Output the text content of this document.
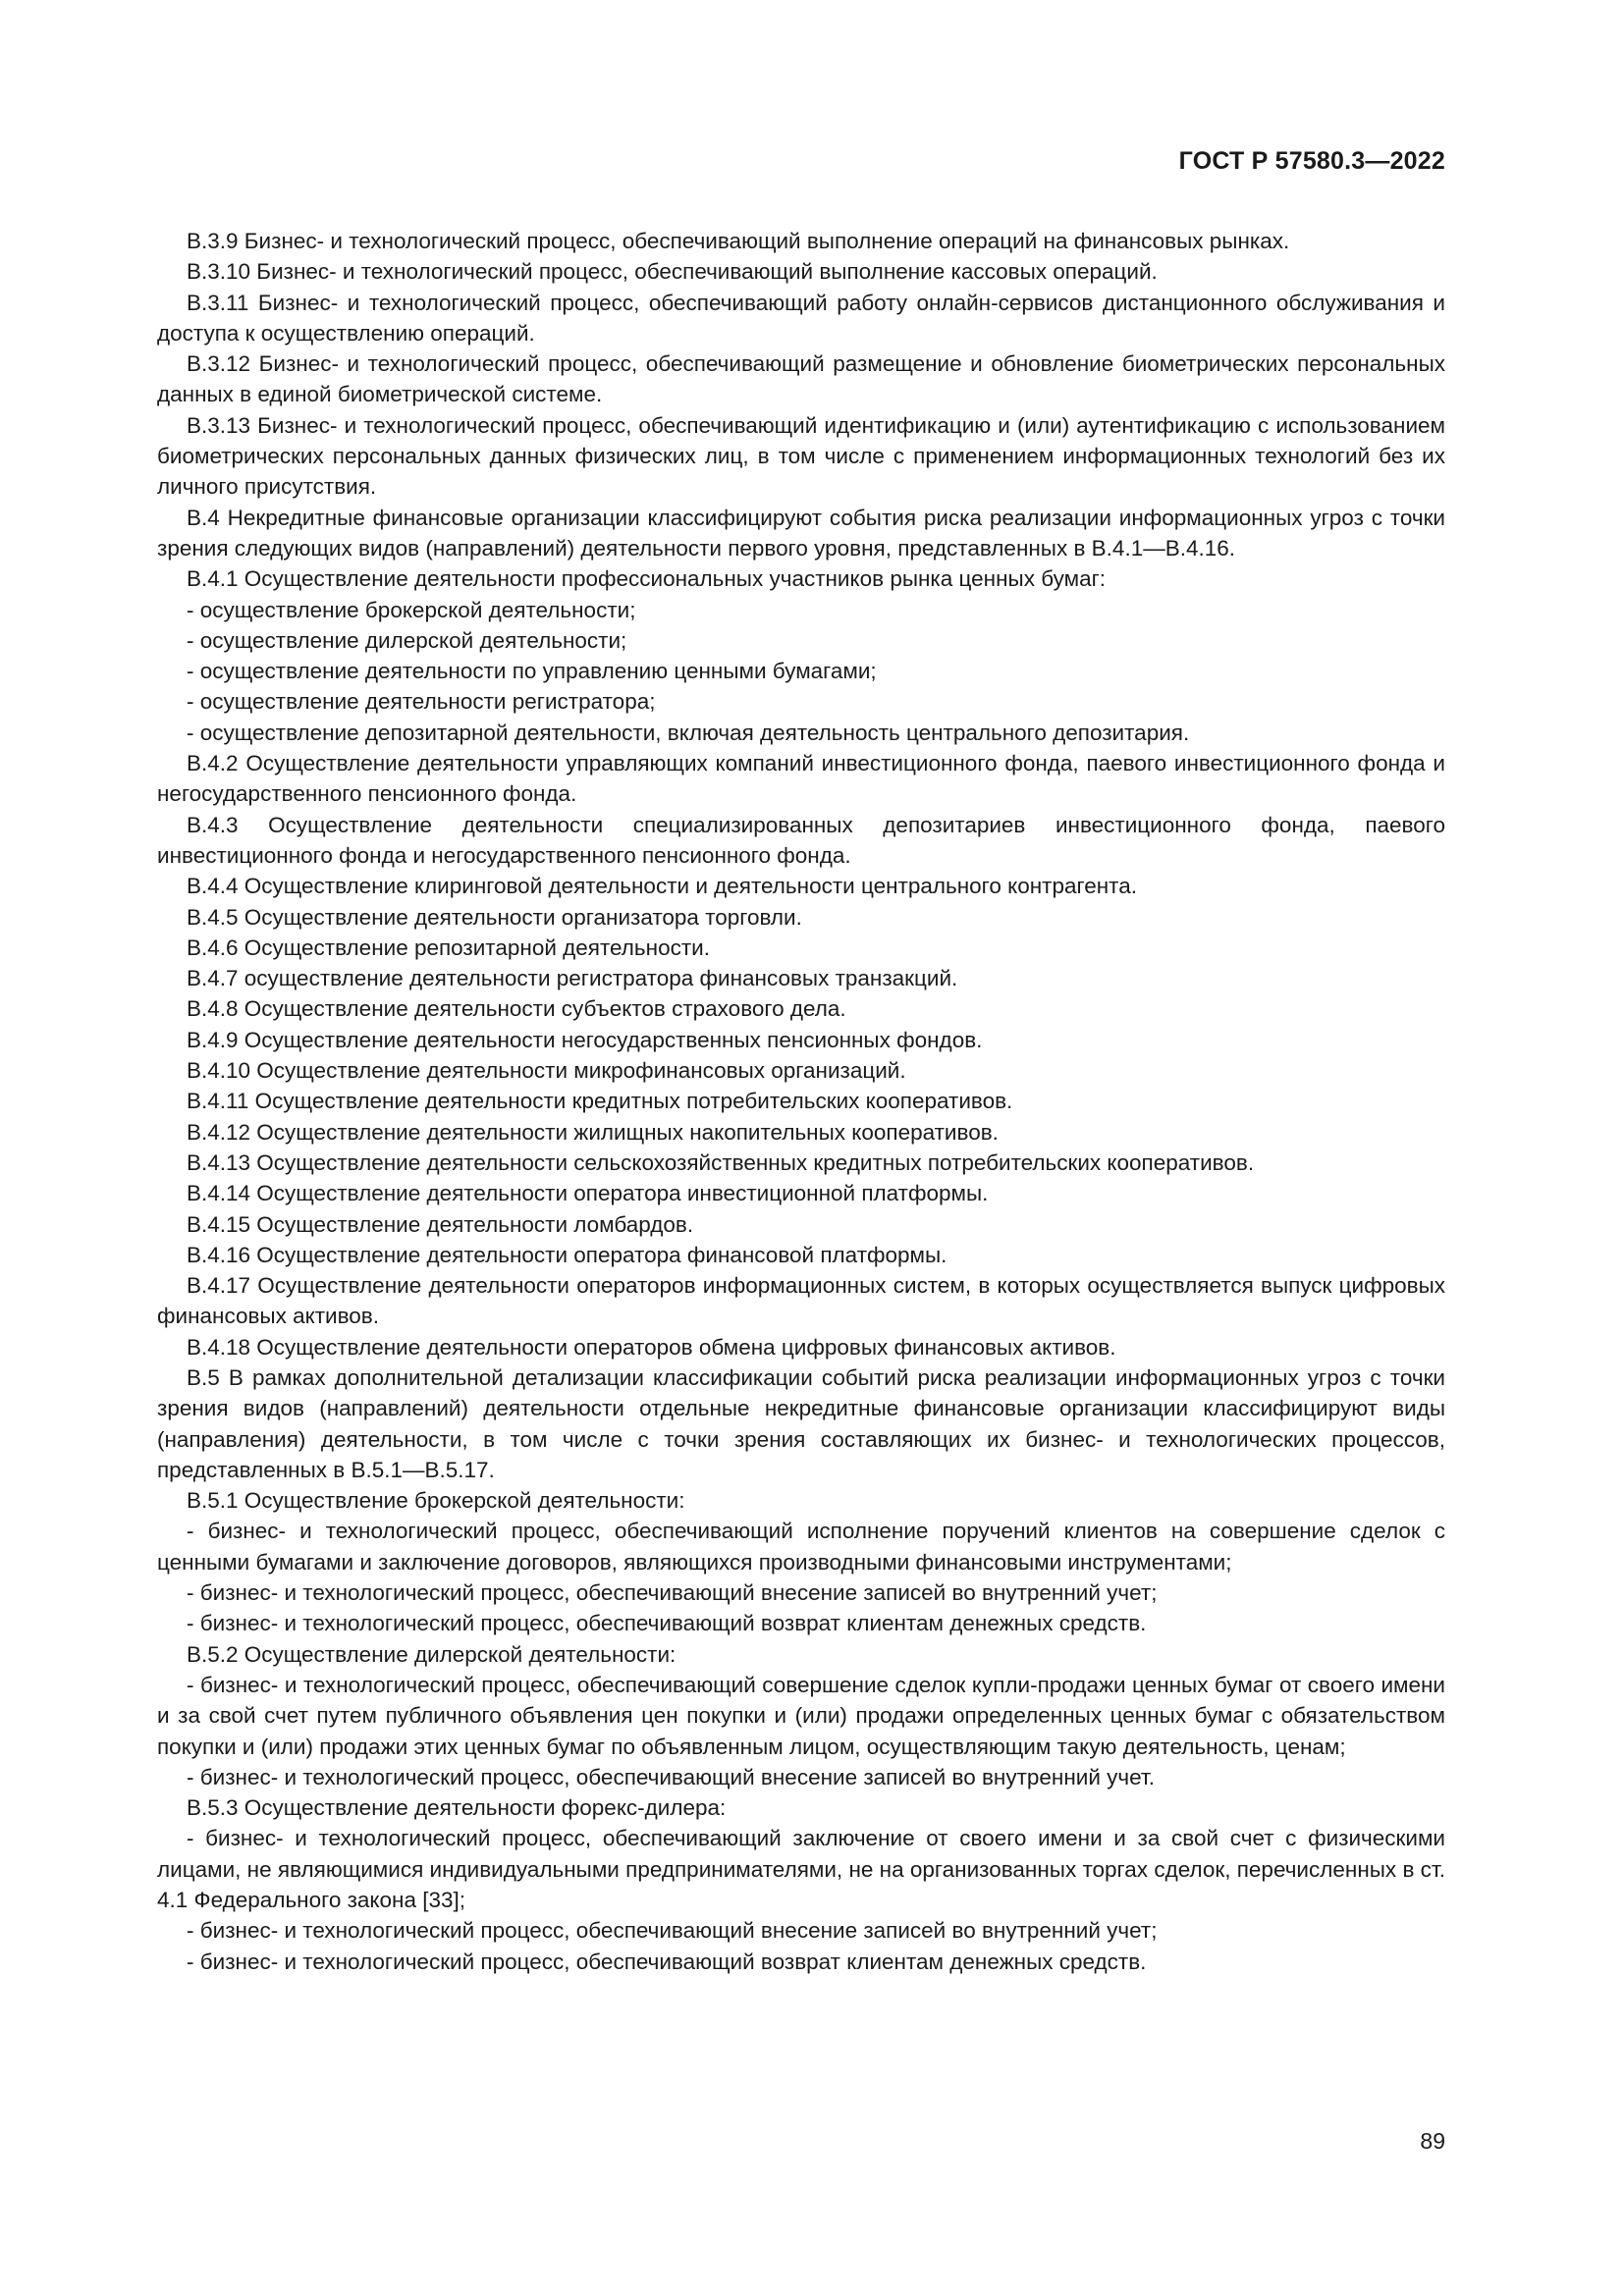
ГОСТ Р 57580.3—2022

В.3.9 Бизнес- и технологический процесс, обеспечивающий выполнение операций на финансовых рынках.

В.3.10 Бизнес- и технологический процесс, обеспечивающий выполнение кассовых операций.

В.3.11 Бизнес- и технологический процесс, обеспечивающий работу онлайн-сервисов дистанционного обслуживания и доступа к осуществлению операций.

В.3.12 Бизнес- и технологический процесс, обеспечивающий размещение и обновление биометрических персональных данных в единой биометрической системе.

В.3.13 Бизнес- и технологический процесс, обеспечивающий идентификацию и (или) аутентификацию с использованием биометрических персональных данных физических лиц, в том числе с применением информационных технологий без их личного присутствия.

В.4 Некредитные финансовые организации классифицируют события риска реализации информационных угроз с точки зрения следующих видов (направлений) деятельности первого уровня, представленных в В.4.1—В.4.16.

В.4.1 Осуществление деятельности профессиональных участников рынка ценных бумаг:

- осуществление брокерской деятельности;

- осуществление дилерской деятельности;

- осуществление деятельности по управлению ценными бумагами;

- осуществление деятельности регистратора;

- осуществление депозитарной деятельности, включая деятельность центрального депозитария.

В.4.2 Осуществление деятельности управляющих компаний инвестиционного фонда, паевого инвестиционного фонда и негосударственного пенсионного фонда.

В.4.3 Осуществление деятельности специализированных депозитариев инвестиционного фонда, паевого инвестиционного фонда и негосударственного пенсионного фонда.

В.4.4 Осуществление клиринговой деятельности и деятельности центрального контрагента.

В.4.5 Осуществление деятельности организатора торговли.

В.4.6 Осуществление репозитарной деятельности.

В.4.7 осуществление деятельности регистратора финансовых транзакций.

В.4.8 Осуществление деятельности субъектов страхового дела.

В.4.9 Осуществление деятельности негосударственных пенсионных фондов.

В.4.10 Осуществление деятельности микрофинансовых организаций.

В.4.11 Осуществление деятельности кредитных потребительских кооперативов.

В.4.12 Осуществление деятельности жилищных накопительных кооперативов.

В.4.13 Осуществление деятельности сельскохозяйственных кредитных потребительских кооперативов.

В.4.14 Осуществление деятельности оператора инвестиционной платформы.

В.4.15 Осуществление деятельности ломбардов.

В.4.16 Осуществление деятельности оператора финансовой платформы.

В.4.17 Осуществление деятельности операторов информационных систем, в которых осуществляется выпуск цифровых финансовых активов.

В.4.18 Осуществление деятельности операторов обмена цифровых финансовых активов.

В.5 В рамках дополнительной детализации классификации событий риска реализации информационных угроз с точки зрения видов (направлений) деятельности отдельные некредитные финансовые организации классифицируют виды (направления) деятельности, в том числе с точки зрения составляющих их бизнес- и технологических процессов, представленных в В.5.1—В.5.17.

В.5.1 Осуществление брокерской деятельности:

- бизнес- и технологический процесс, обеспечивающий исполнение поручений клиентов на совершение сделок с ценными бумагами и заключение договоров, являющихся производными финансовыми инструментами;

- бизнес- и технологический процесс, обеспечивающий внесение записей во внутренний учет;

- бизнес- и технологический процесс, обеспечивающий возврат клиентам денежных средств.

В.5.2 Осуществление дилерской деятельности:

- бизнес- и технологический процесс, обеспечивающий совершение сделок купли-продажи ценных бумаг от своего имени и за свой счет путем публичного объявления цен покупки и (или) продажи определенных ценных бумаг с обязательством покупки и (или) продажи этих ценных бумаг по объявленным лицом, осуществляющим такую деятельность, ценам;

- бизнес- и технологический процесс, обеспечивающий внесение записей во внутренний учет.

В.5.3 Осуществление деятельности форекс-дилера:

- бизнес- и технологический процесс, обеспечивающий заключение от своего имени и за свой счет с физическими лицами, не являющимися индивидуальными предпринимателями, не на организованных торгах сделок, перечисленных в ст. 4.1 Федерального закона [33];

- бизнес- и технологический процесс, обеспечивающий внесение записей во внутренний учет;

- бизнес- и технологический процесс, обеспечивающий возврат клиентам денежных средств.

89
